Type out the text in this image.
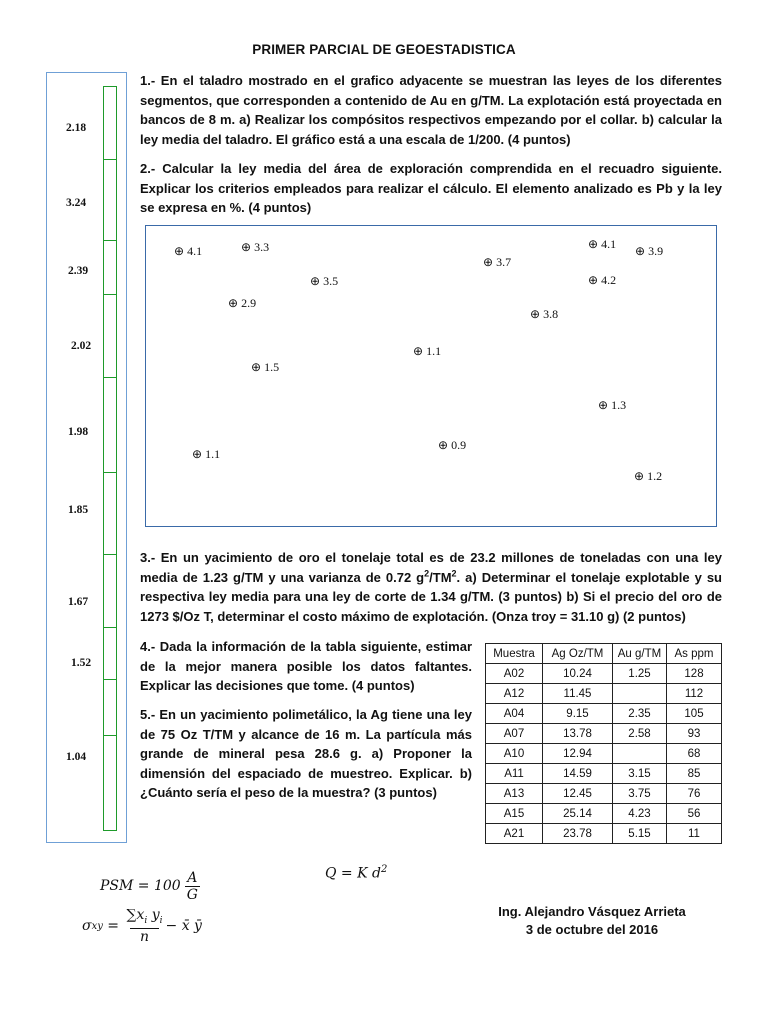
PRIMER PARCIAL DE GEOESTADISTICA
2.18
3.24
2.39
2.02
1.98
1.85
1.67
1.52
1.04
1.- En el taladro mostrado en el grafico adyacente se muestran las leyes de los diferentes segmentos, que corresponden a contenido de Au en g/TM. La explotación está proyectada en bancos de 8 m. a) Realizar los compósitos respectivos empezando por el collar. b) calcular la ley media del taladro. El gráfico está a una escala de 1/200. (4 puntos)
2.- Calcular la ley media del área de exploración comprendida en el recuadro siguiente. Explicar los criterios empleados para realizar el cálculo. El elemento analizado es Pb y la ley se expresa en %. (4 puntos)
⊕ 4.1	⊕ 3.3
⊕ 3.5
⊕ 2.9
⊕ 1.5
⊕ 1.1
⊕ 1.1
⊕ 0.9
⊕ 3.7
⊕ 3.8
⊕ 4.1 ⊕ 3.9
⊕ 4.2
⊕ 1.3
⊕ 1.2
3.- En un yacimiento de oro el tonelaje total es de 23.2 millones de toneladas con una ley media de 1.23 g/TM y una varianza de 0.72 $g^2/TM^2$. a) Determinar el tonelaje explotable y su respectiva ley media para una ley de corte de 1.34 g/TM. (3 puntos) b) Si el precio del oro de 1273 $/Oz T, determinar el costo máximo de explotación. (Onza troy = 31.10 g) (2 puntos)
4.- Dada la información de la tabla siguiente, estimar de la mejor manera posible los datos faltantes. Explicar las decisiones que tome. (4 puntos)
5.- En un yacimiento polimetálico, la Ag tiene una ley de 75 Oz T/TM y alcance de 16 m. La partícula más grande de mineral pesa 28.6 g. a) Proponer la dimensión del espaciado de muestreo. Explicar. b) ¿Cuánto sería el peso de la muestra? (3 puntos)
Muestra	Ag Oz/TM	Au g/TM	As ppm
A02	10.24	1.25	128
A12	11.45		112
A04	9.15	2.35	105
A07	13.78	2.58	93
A10	12.94		68
A11	14.59	3.15	85
A13	12.45	3.75	76
A15	25.14	4.23	56
A21	23.78	5.15	11
PSM = 100
A
G
σ xy = $\frac{\sum x_i y_i}{n}$ − x̄ ȳ
Q = K $d^2$
Ing. Alejandro Vásquez Arrieta
3 de octubre del 2016
